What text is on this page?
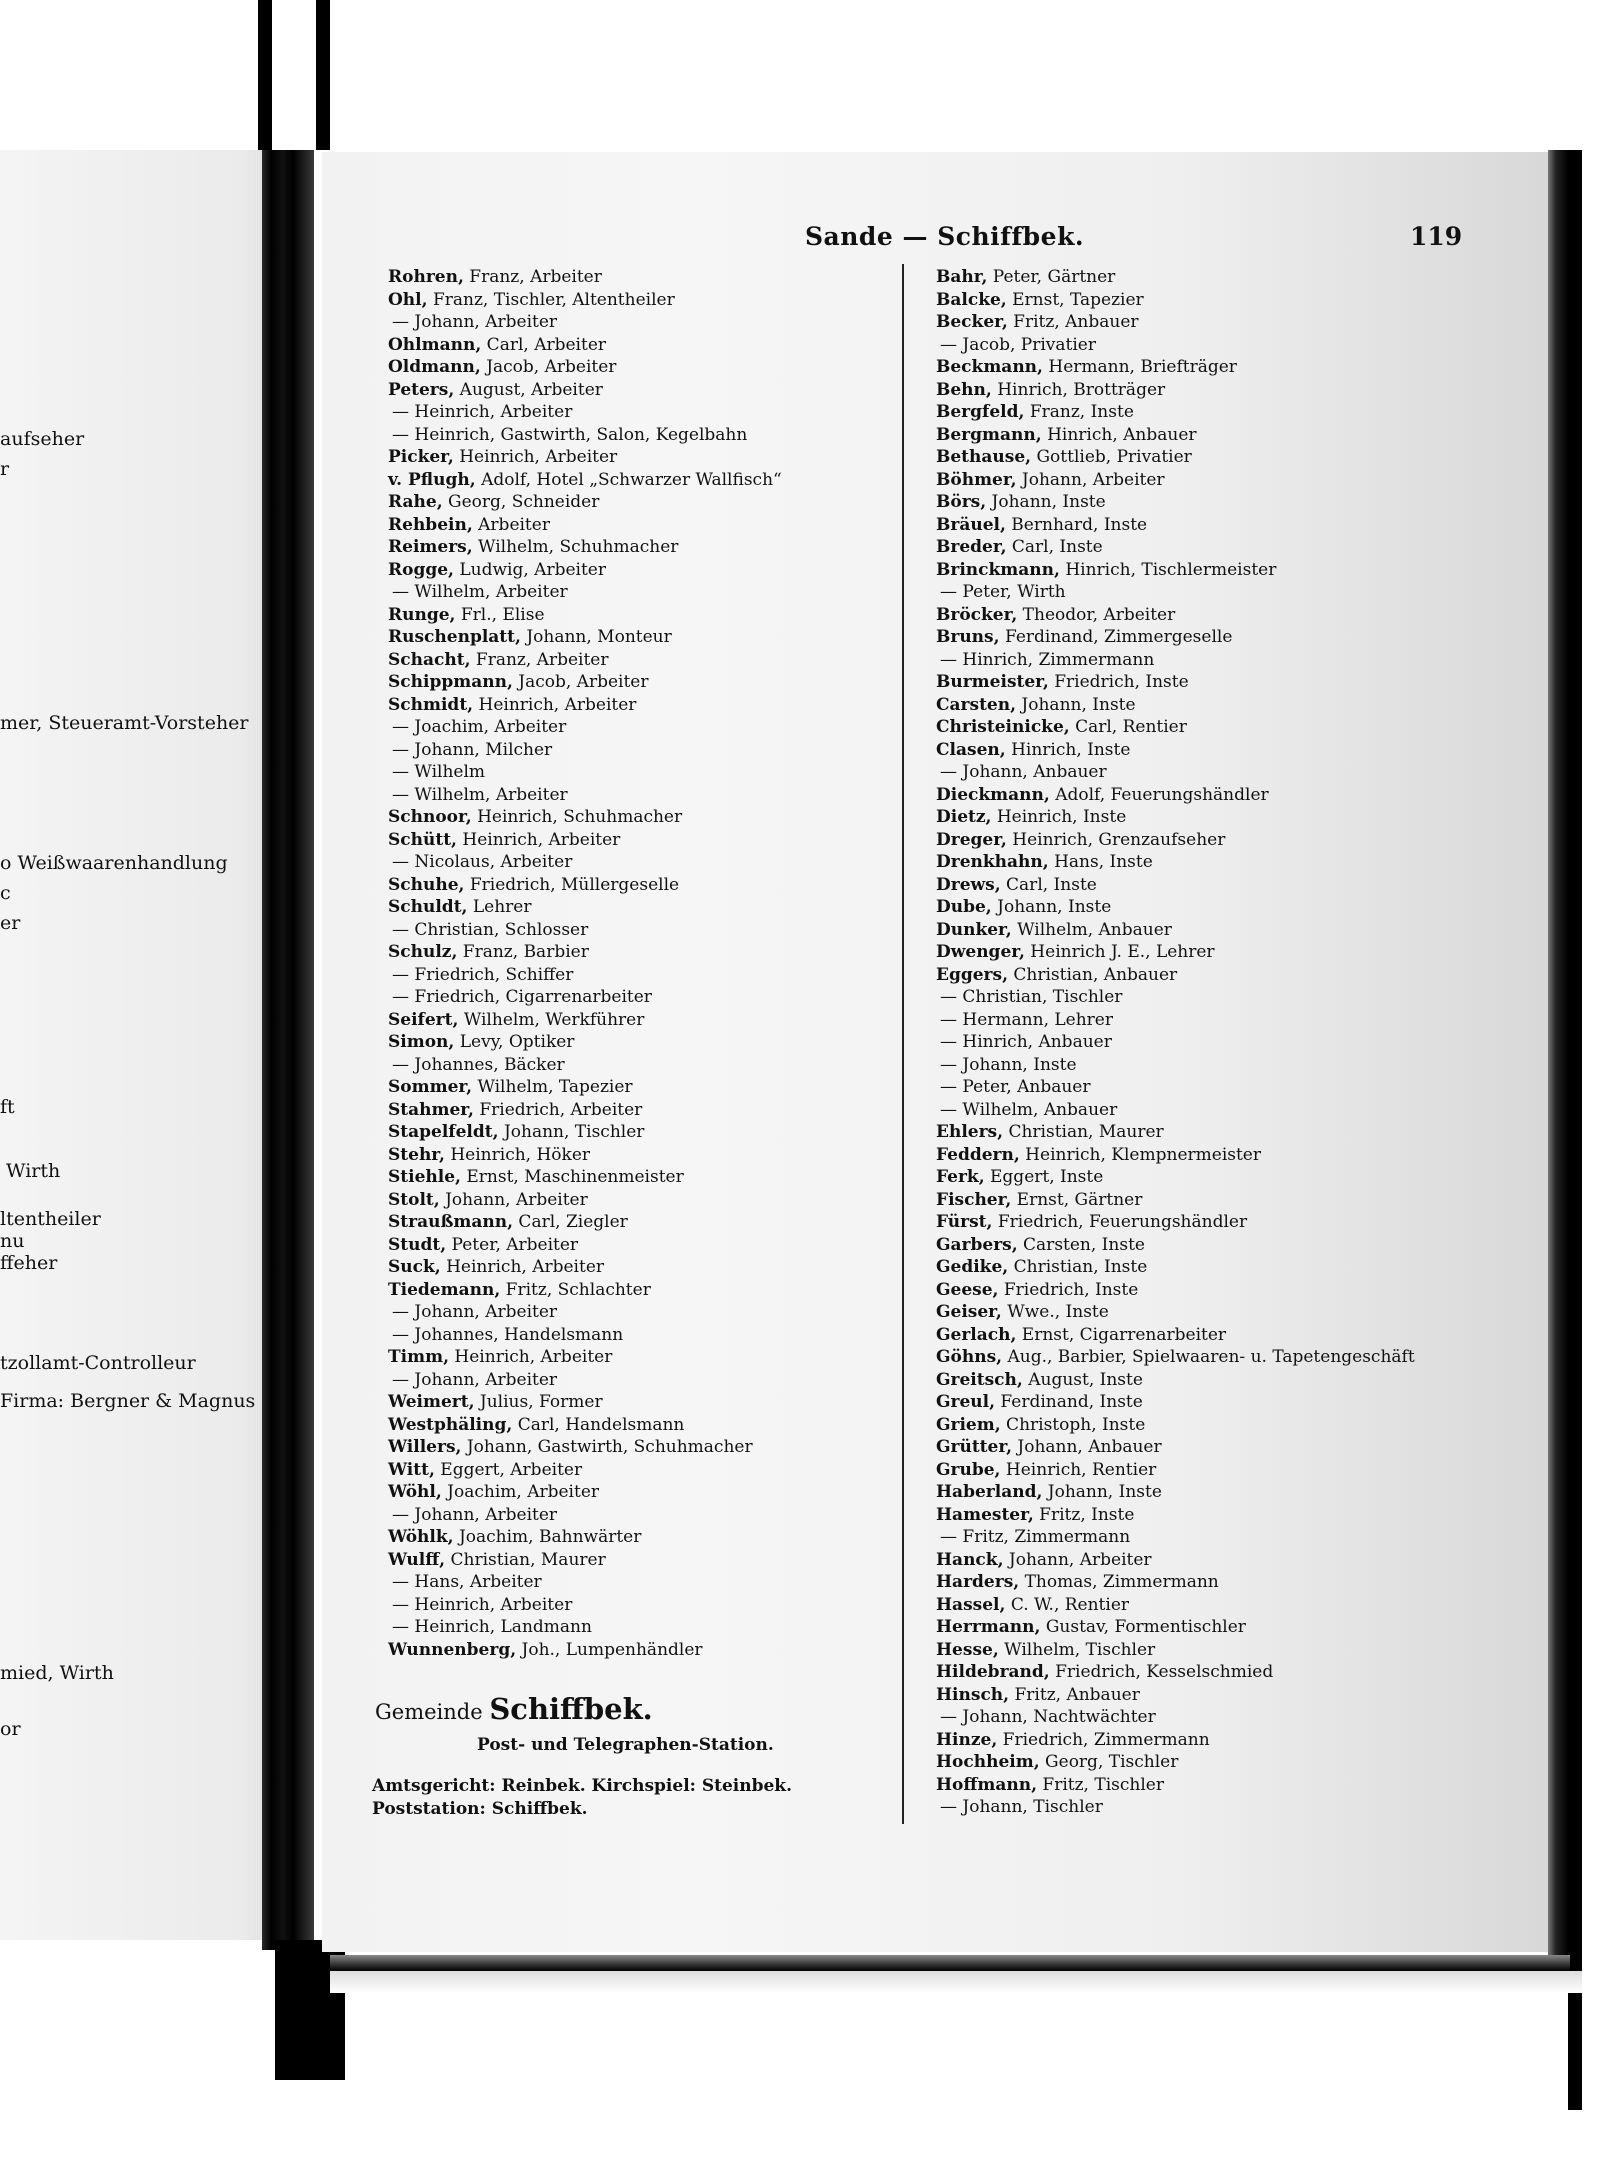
aufseher
r
mer, Steueramt-Vorsteher
o Weißwaarenhandlung
c
er
ft
Wirth
ltentheiler
nu
ffeher
tzollamt-Controlleur
Firma: Bergner & Magnus
mied, Wirth
or
Sande — Schiffbek.	119
Rohren, Franz, Arbeiter
Ohl, Franz, Tischler, Altentheiler
— Johann, Arbeiter
Ohlmann, Carl, Arbeiter
Oldmann, Jacob, Arbeiter
Peters, August, Arbeiter
— Heinrich, Arbeiter
— Heinrich, Gastwirth, Salon, Kegelbahn
Picker, Heinrich, Arbeiter
v. Pflugh, Adolf, Hotel „Schwarzer Wallfisch“
Rahe, Georg, Schneider
Rehbein, Arbeiter
Reimers, Wilhelm, Schuhmacher
Rogge, Ludwig, Arbeiter
— Wilhelm, Arbeiter
Runge, Frl., Elise
Ruschenplatt, Johann, Monteur
Schacht, Franz, Arbeiter
Schippmann, Jacob, Arbeiter
Schmidt, Heinrich, Arbeiter
— Joachim, Arbeiter
— Johann, Milcher
— Wilhelm
— Wilhelm, Arbeiter
Schnoor, Heinrich, Schuhmacher
Schütt, Heinrich, Arbeiter
— Nicolaus, Arbeiter
Schuhe, Friedrich, Müllergeselle
Schuldt, Lehrer
— Christian, Schlosser
Schulz, Franz, Barbier
— Friedrich, Schiffer
— Friedrich, Cigarrenarbeiter
Seifert, Wilhelm, Werkführer
Simon, Levy, Optiker
— Johannes, Bäcker
Sommer, Wilhelm, Tapezier
Stahmer, Friedrich, Arbeiter
Stapelfeldt, Johann, Tischler
Stehr, Heinrich, Höker
Stiehle, Ernst, Maschinenmeister
Stolt, Johann, Arbeiter
Straußmann, Carl, Ziegler
Studt, Peter, Arbeiter
Suck, Heinrich, Arbeiter
Tiedemann, Fritz, Schlachter
— Johann, Arbeiter
— Johannes, Handelsmann
Timm, Heinrich, Arbeiter
— Johann, Arbeiter
Weimert, Julius, Former
Westphäling, Carl, Handelsmann
Willers, Johann, Gastwirth, Schuhmacher
Witt, Eggert, Arbeiter
Wöhl, Joachim, Arbeiter
— Johann, Arbeiter
Wöhlk, Joachim, Bahnwärter
Wulff, Christian, Maurer
— Hans, Arbeiter
— Heinrich, Arbeiter
— Heinrich, Landmann
Wunnenberg, Joh., Lumpenhändler
Bahr, Peter, Gärtner
Balcke, Ernst, Tapezier
Becker, Fritz, Anbauer
— Jacob, Privatier
Beckmann, Hermann, Briefträger
Behn, Hinrich, Brotträger
Bergfeld, Franz, Inste
Bergmann, Hinrich, Anbauer
Bethause, Gottlieb, Privatier
Böhmer, Johann, Arbeiter
Börs, Johann, Inste
Bräuel, Bernhard, Inste
Breder, Carl, Inste
Brinckmann, Hinrich, Tischlermeister
— Peter, Wirth
Bröcker, Theodor, Arbeiter
Bruns, Ferdinand, Zimmergeselle
— Hinrich, Zimmermann
Burmeister, Friedrich, Inste
Carsten, Johann, Inste
Christeinicke, Carl, Rentier
Clasen, Hinrich, Inste
— Johann, Anbauer
Dieckmann, Adolf, Feuerungshändler
Dietz, Heinrich, Inste
Dreger, Heinrich, Grenzaufseher
Drenkhahn, Hans, Inste
Drews, Carl, Inste
Dube, Johann, Inste
Dunker, Wilhelm, Anbauer
Dwenger, Heinrich J. E., Lehrer
Eggers, Christian, Anbauer
— Christian, Tischler
— Hermann, Lehrer
— Hinrich, Anbauer
— Johann, Inste
— Peter, Anbauer
— Wilhelm, Anbauer
Ehlers, Christian, Maurer
Feddern, Heinrich, Klempnermeister
Ferk, Eggert, Inste
Fischer, Ernst, Gärtner
Fürst, Friedrich, Feuerungshändler
Garbers, Carsten, Inste
Gedike, Christian, Inste
Geese, Friedrich, Inste
Geiser, Wwe., Inste
Gerlach, Ernst, Cigarrenarbeiter
Göhns, Aug., Barbier, Spielwaaren- u. Tapetengeschäft
Greitsch, August, Inste
Greul, Ferdinand, Inste
Griem, Christoph, Inste
Grütter, Johann, Anbauer
Grube, Heinrich, Rentier
Haberland, Johann, Inste
Hamester, Fritz, Inste
— Fritz, Zimmermann
Hanck, Johann, Arbeiter
Harders, Thomas, Zimmermann
Hassel, C. W., Rentier
Herrmann, Gustav, Formentischler
Hesse, Wilhelm, Tischler
Hildebrand, Friedrich, Kesselschmied
Hinsch, Fritz, Anbauer
— Johann, Nachtwächter
Hinze, Friedrich, Zimmermann
Hochheim, Georg, Tischler
Hoffmann, Fritz, Tischler
— Johann, Tischler
Gemeinde Schiffbek.
Post- und Telegraphen-Station.
Amtsgericht: Reinbek. Kirchspiel: Steinbek.
Poststation: Schiffbek.
